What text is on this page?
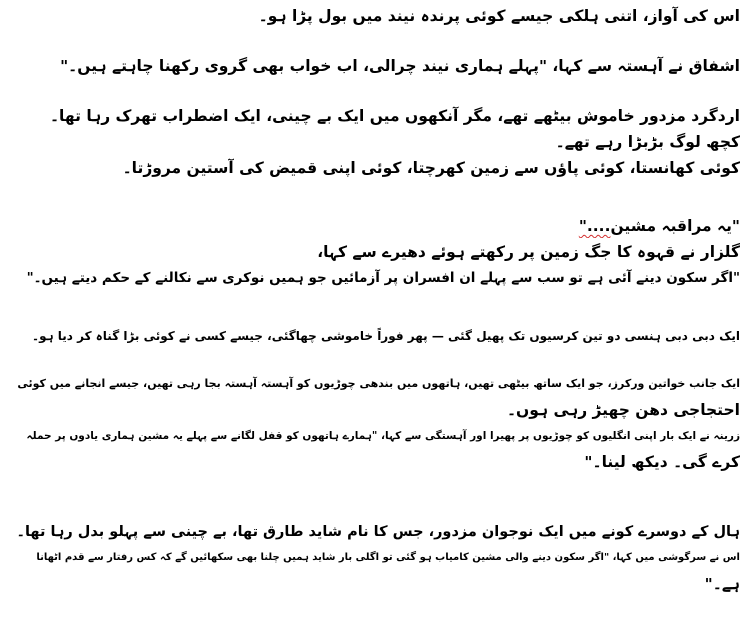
اس کی آواز، اتنی ہلکی جیسے کوئی پرندہ نیند میں بول پڑا ہو۔
اشفاق نے آہستہ سے کہا، "پہلے ہماری نیند چرالی، اب خواب بھی گروی رکھنا چاہتے ہیں۔"
اردگرد مزدور خاموش بیٹھے تھے، مگر آنکھوں میں ایک بے چینی، ایک اضطراب تھرک رہا تھا۔
کچھ لوگ بڑبڑا رہے تھے۔
کوئی کھانستا، کوئی پاؤں سے زمین کھرچتا، کوئی اپنی قمیض کی آستین مروڑتا۔
"یہ مراقبہ مشین...."
گلزار نے قہوہ کا جگ زمین پر رکھتے ہوئے دھیرے سے کہا،
"اگر سکون دینے آئی ہے تو سب سے پہلے ان افسران پر آزمائیں جو ہمیں نوکری سے نکالنے کے حکم دیتے ہیں۔"
ایک دبی دبی ہنسی دو تین کرسیوں تک پھیل گئی — پھر فوراً خاموشی چھاگئی، جیسے کسی نے کوئی بڑا گناہ کر دیا ہو۔
ایک جانب خواتین ورکرز، جو ایک ساتھ بیٹھی تھیں، ہاتھوں میں بندھی چوڑیوں کو آہستہ آہستہ بجا رہی تھیں، جیسے انجانے میں کوئی
احتجاجی دھن چھیڑ رہی ہوں۔
زرینہ نے ایک بار اپنی انگلیوں کو چوڑیوں پر پھیرا اور آہستگی سے کہا، "ہمارے ہاتھوں کو قفل لگانے سے پہلے یہ مشین ہماری یادوں پر حملہ
کرے گی۔ دیکھ لینا۔"
ہال کے دوسرے کونے میں ایک نوجوان مزدور، جس کا نام شاید طارق تھا، بے چینی سے پہلو بدل رہا تھا۔
اس نے سرگوشی میں کہا، "اگر سکون دینے والی مشین کامیاب ہو گئی تو اگلی بار شاید ہمیں چلنا بھی سکھائیں گے کہ کس رفتار سے قدم اٹھانا
ہے۔"
